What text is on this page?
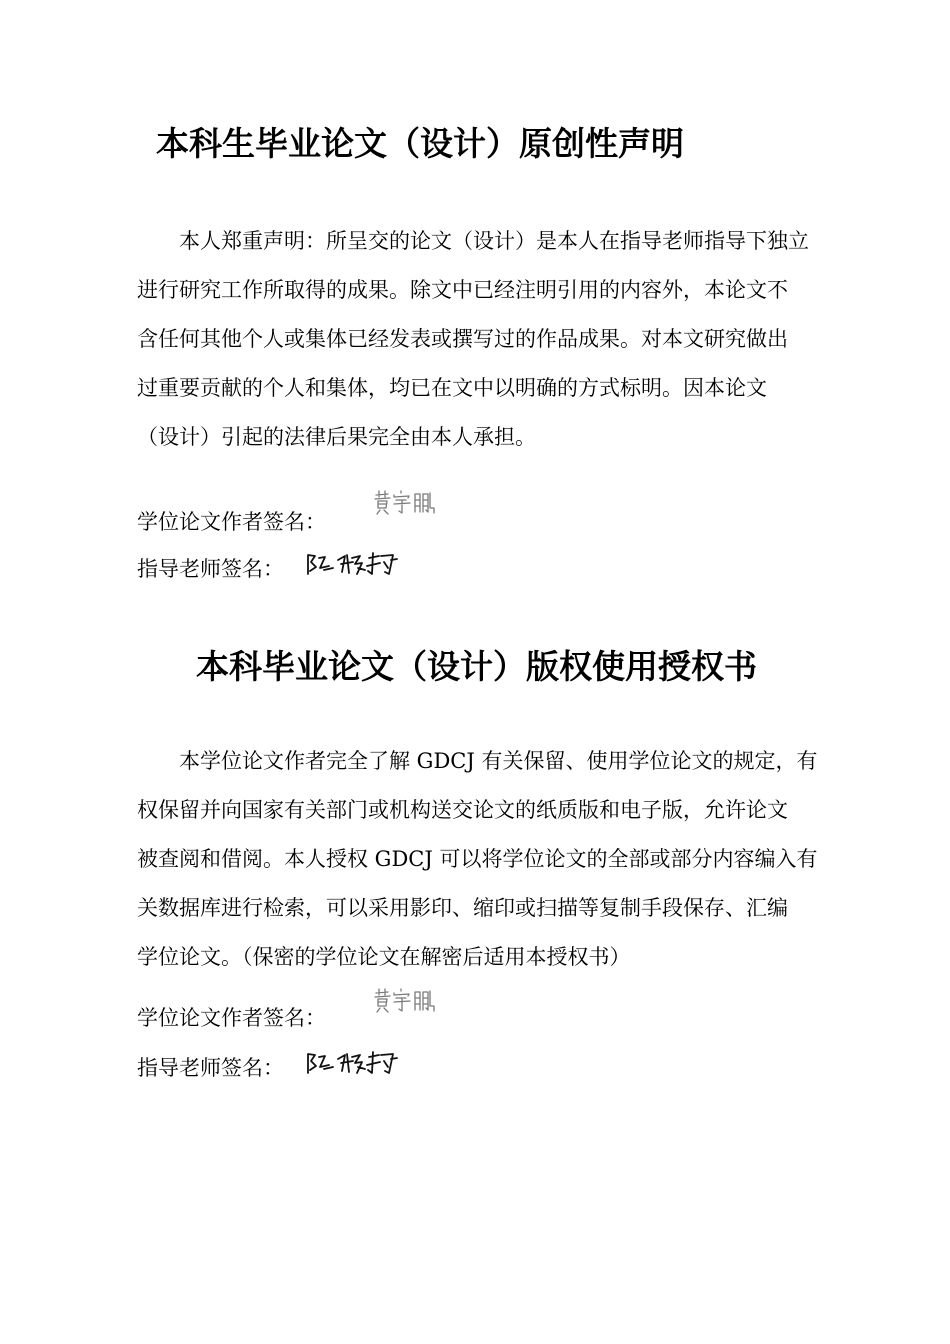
本科生毕业论文（设计）原创性声明
　　本人郑重声明：所呈交的论文（设计）是本人在指导老师指导下独立
进行研究工作所取得的成果。除文中已经注明引用的内容外，本论文不
含任何其他个人或集体已经发表或撰写过的作品成果。对本文研究做出
过重要贡献的个人和集体，均已在文中以明确的方式标明。因本论文
（设计）引起的法律后果完全由本人承担。

学位论文作者签名：

指导老师签名：

本科毕业论文（设计）版权使用授权书
　　本学位论文作者完全了解 GDCJ 有关保留、使用学位论文的规定，有
权保留并向国家有关部门或机构送交论文的纸质版和电子版，允许论文
被查阅和借阅。本人授权 GDCJ 可以将学位论文的全部或部分内容编入有
关数据库进行检索，可以采用影印、缩印或扫描等复制手段保存、汇编
学位论文。（保密的学位论文在解密后适用本授权书）

学位论文作者签名：

指导老师签名：
